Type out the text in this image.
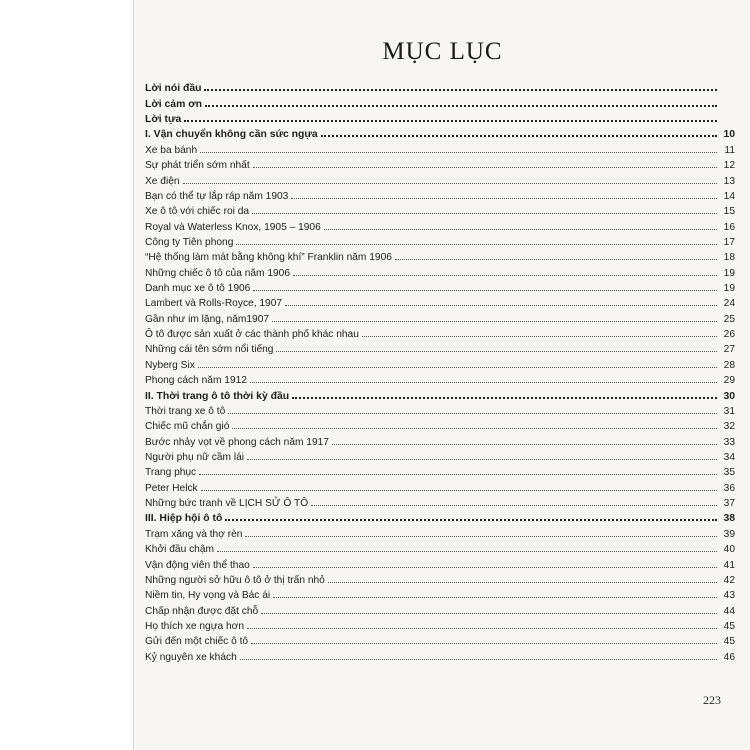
MỤC LỤC
Lời nói đầu
Lời cảm ơn
Lời tựa
I. Vận chuyển không cần sức ngựa	10
Xe ba bánh	11
Sự phát triển sớm nhất	12
Xe điện	13
Bạn có thể tự lắp ráp năm 1903	14
Xe ô tô với chiếc roi da	15
Royal và Waterless Knox, 1905 – 1906	16
Công ty Tiên phong	17
“Hệ thống làm mát bằng không khí” Franklin năm 1906	18
Những chiếc ô tô của năm 1906	19
Danh mục xe ô tô 1906	19
Lambert và Rolls-Royce, 1907	24
Gần như im lặng, năm1907	25
Ô tô được sản xuất ở các thành phố khác nhau	26
Những cái tên sớm nổi tiếng	27
Nyberg Six	28
Phong cách năm 1912	29
II. Thời trang ô tô thời kỳ đầu	30
Thời trang xe ô tô	31
Chiếc mũ chắn gió	32
Bước nhảy vọt về phong cách năm 1917	33
Người phụ nữ cầm lái	34
Trang phục	35
Peter Helck	36
Những bức tranh về LỊCH SỬ Ô TÔ	37
III. Hiệp hội ô tô	38
Trạm xăng và thợ rèn	39
Khởi đầu chậm	40
Vận động viên thể thao	41
Những người sở hữu ô tô ở thị trấn nhỏ	42
Niềm tin, Hy vọng và Bác ái	43
Chấp nhận được đặt chỗ	44
Họ thích xe ngựa hơn	45
Gửi đến một chiếc ô tô	45
Kỷ nguyên xe khách	46
223
